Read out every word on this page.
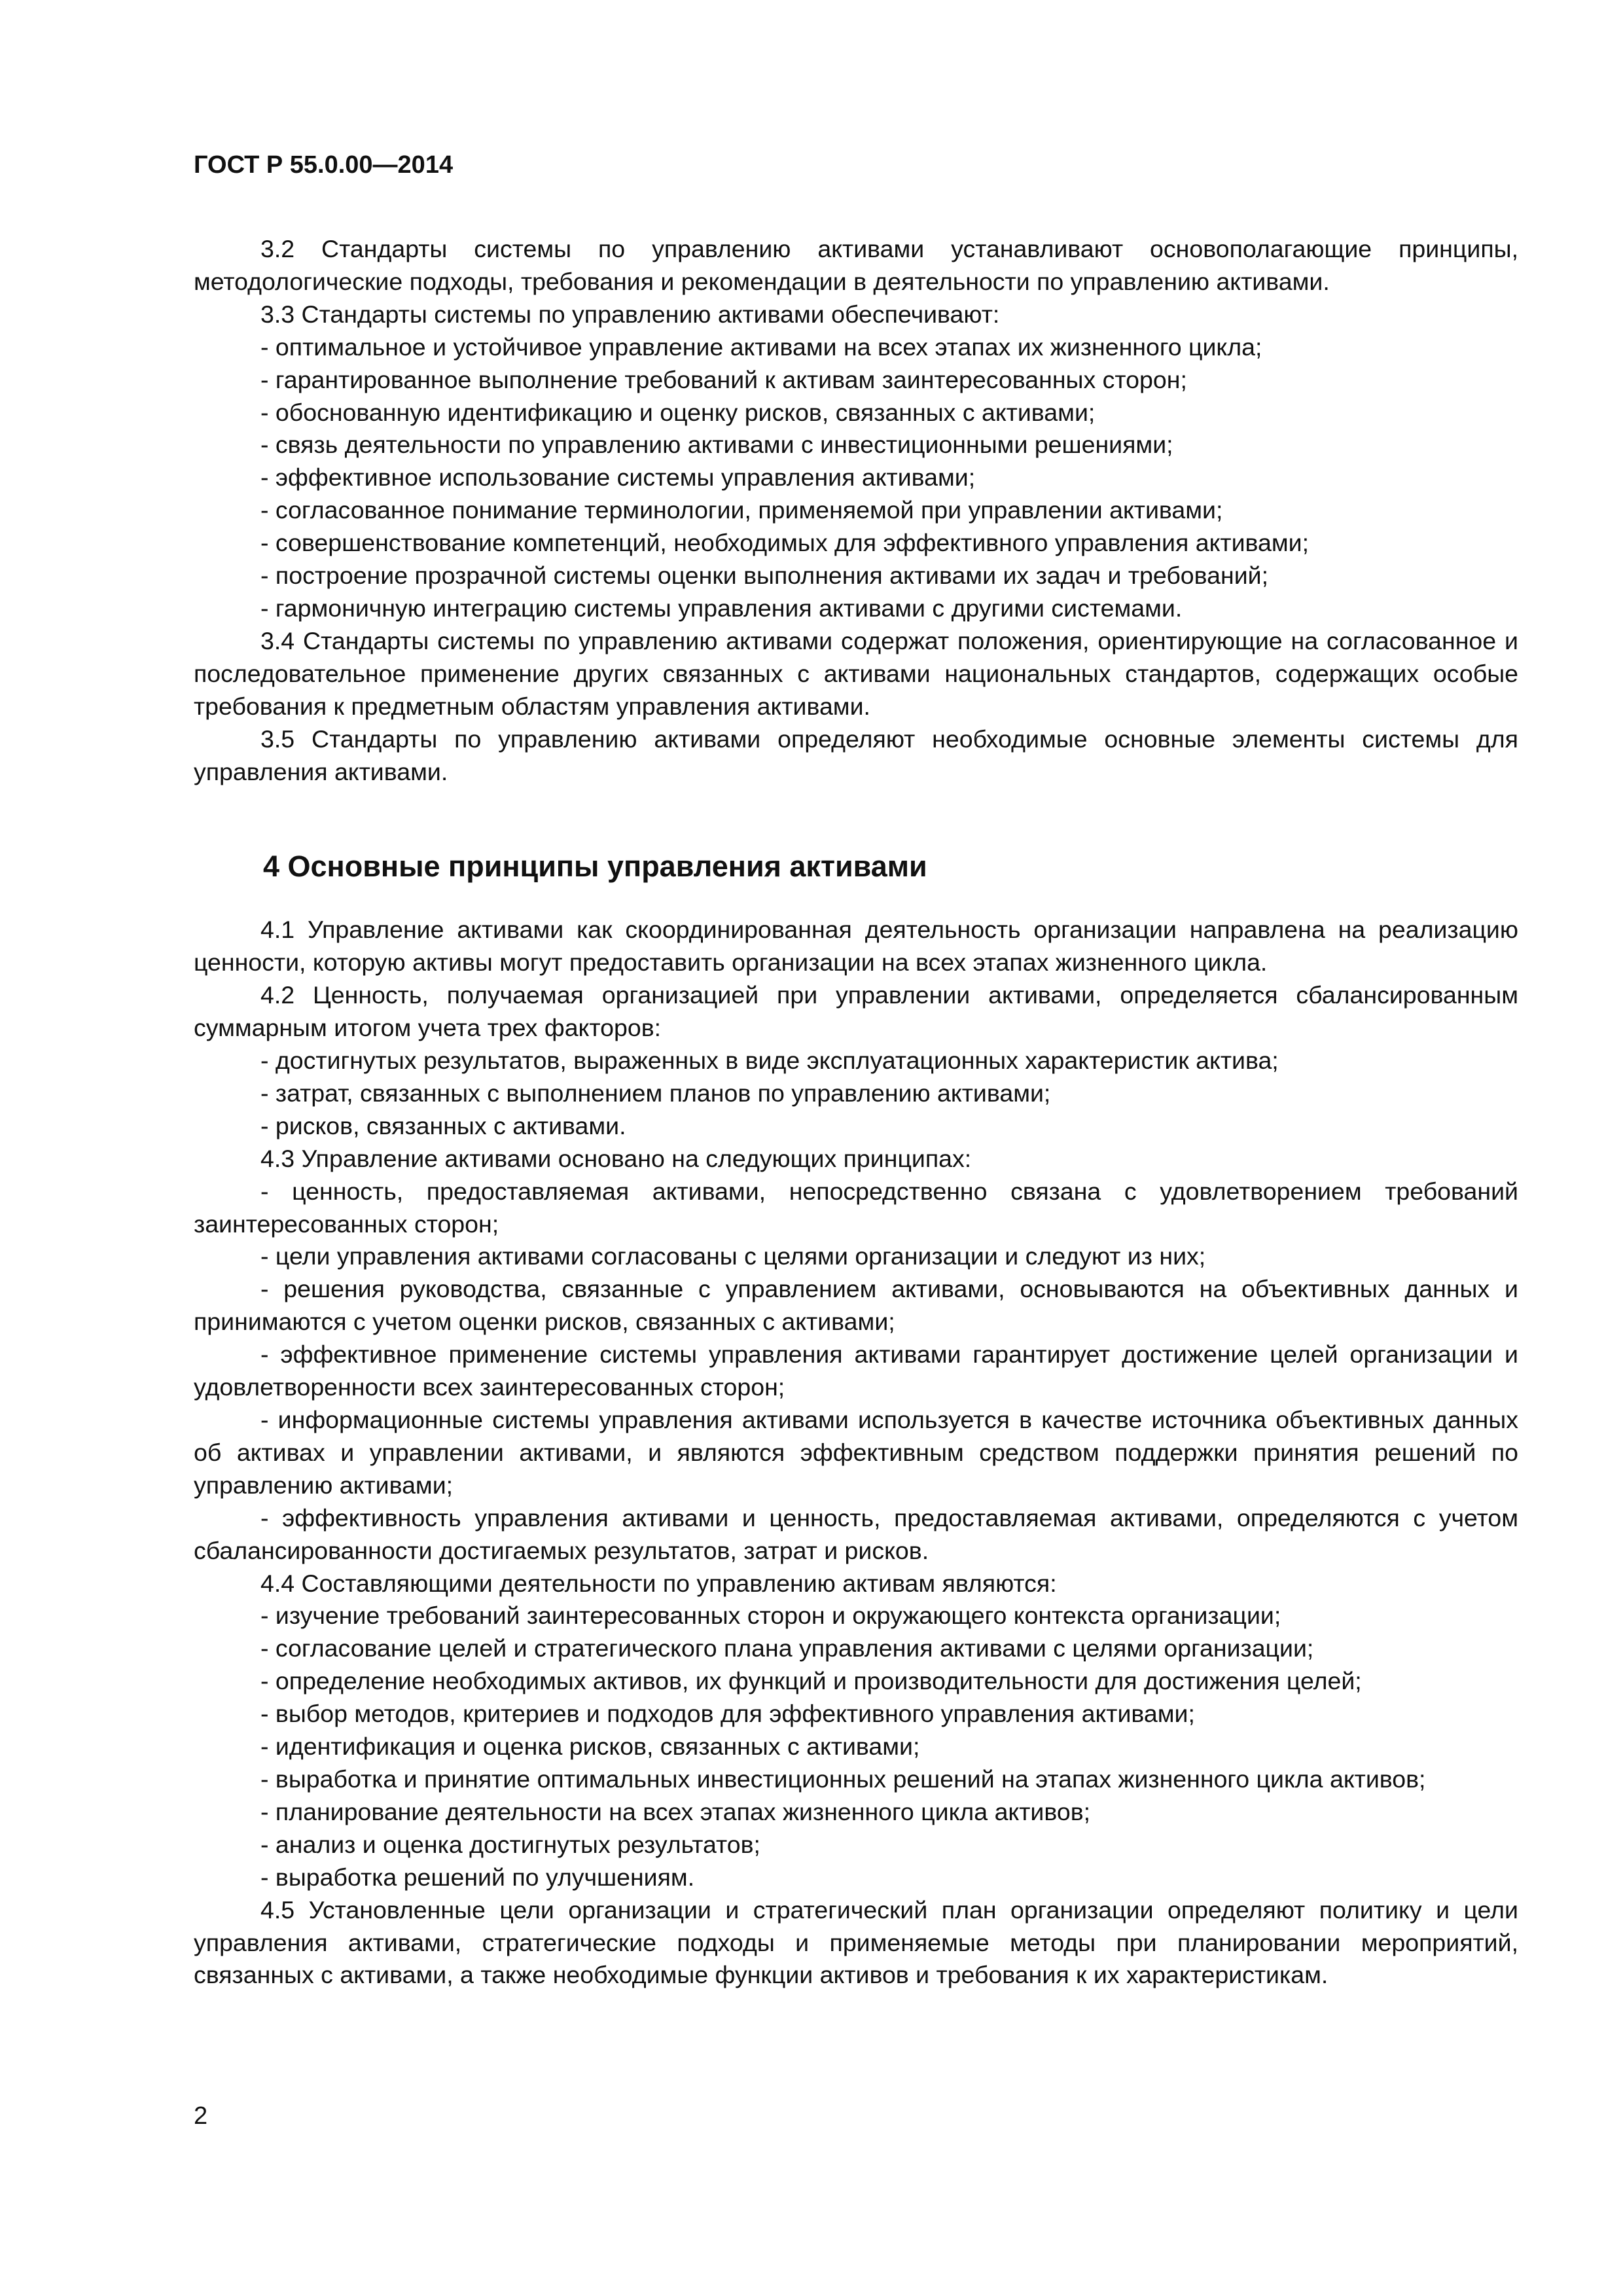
ГОСТ Р 55.0.00—2014

3.2 Стандарты системы по управлению активами устанавливают основополагающие принципы, методологические подходы, требования и рекомендации в деятельности по управлению активами.

3.3 Стандарты системы по управлению активами обеспечивают:

- оптимальное и устойчивое управление активами на всех этапах их жизненного цикла;

- гарантированное выполнение требований к активам заинтересованных сторон;

- обоснованную идентификацию и оценку рисков, связанных с активами;

- связь деятельности по управлению активами с инвестиционными решениями;

- эффективное использование системы управления активами;

- согласованное понимание терминологии, применяемой при управлении активами;

- совершенствование компетенций, необходимых для эффективного управления активами;

- построение прозрачной системы оценки выполнения активами их задач и требований;

- гармоничную интеграцию системы управления активами с другими системами.

3.4 Стандарты системы по управлению активами содержат положения, ориентирующие на согласованное и последовательное применение других связанных с активами национальных стандартов, содержащих особые требования к предметным областям управления активами.

3.5 Стандарты по управлению активами определяют необходимые основные элементы системы для управления активами.

4 Основные принципы управления активами

4.1 Управление активами как скоординированная деятельность организации направлена на реализацию ценности, которую активы могут предоставить организации на всех этапах жизненного цикла.

4.2 Ценность, получаемая организацией при управлении активами, определяется сбалансированным суммарным итогом учета трех факторов:

- достигнутых результатов, выраженных в виде эксплуатационных характеристик актива;

- затрат, связанных с выполнением планов по управлению активами;

- рисков, связанных с активами.

4.3 Управление активами основано на следующих принципах:

- ценность, предоставляемая активами, непосредственно связана с удовлетворением требований заинтересованных сторон;

- цели управления активами согласованы с целями организации и следуют из них;

- решения руководства, связанные с управлением активами, основываются на объективных данных и принимаются с учетом оценки рисков, связанных с активами;

- эффективное применение системы управления активами гарантирует достижение целей организации и удовлетворенности всех заинтересованных сторон;

- информационные системы управления активами используется в качестве источника объективных данных об активах и управлении активами, и являются эффективным средством поддержки принятия решений по управлению активами;

- эффективность управления активами и ценность, предоставляемая активами, определяются с учетом сбалансированности достигаемых результатов, затрат и рисков.

4.4 Составляющими деятельности по управлению активам являются:

- изучение требований заинтересованных сторон и окружающего контекста организации;

- согласование целей и стратегического плана управления активами с целями организации;

- определение необходимых активов, их функций и производительности для достижения целей;

- выбор методов, критериев и подходов для эффективного управления активами;

- идентификация и оценка рисков, связанных с активами;

- выработка и принятие оптимальных инвестиционных решений на этапах жизненного цикла активов;

- планирование деятельности на всех этапах жизненного цикла активов;

- анализ и оценка достигнутых результатов;

- выработка решений по улучшениям.

4.5 Установленные цели организации и стратегический план организации определяют политику и цели управления активами, стратегические подходы и применяемые методы при планировании мероприятий, связанных с активами, а также необходимые функции активов и требования к их характеристикам.

2
